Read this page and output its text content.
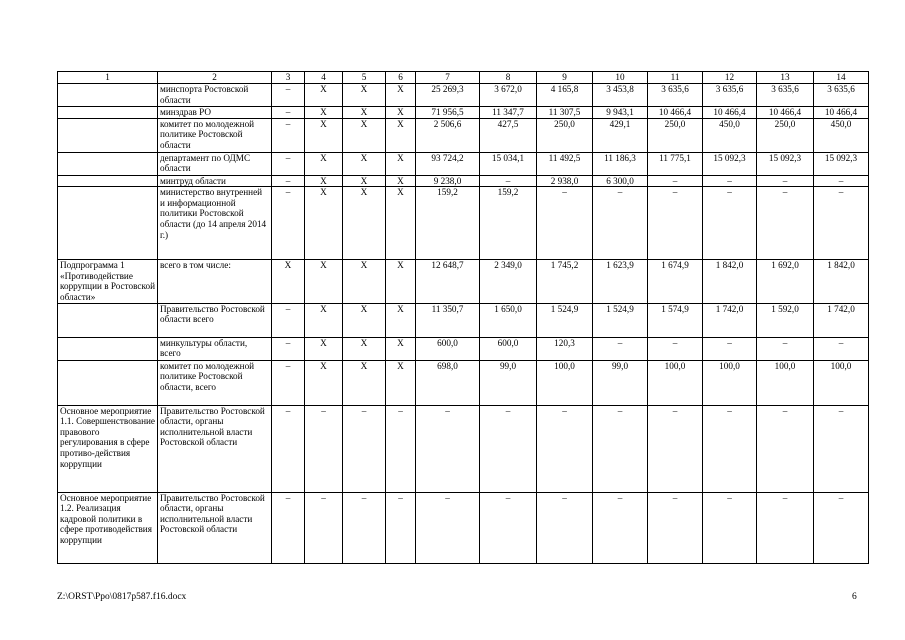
1	2	3	4	5	6	7	8	9	10	11	12	13	14
	минспорта Ростовской области	–	Х	Х	Х	25 269,3	3 672,0	4 165,8	3 453,8	3 635,6	3 635,6	3 635,6	3 635,6
	минздрав РО	–	Х	Х	Х	71 956,5	11 347,7	11 307,5	9 943,1	10 466,4	10 466,4	10 466,4	10 466,4
	комитет по молодежной политике Ростовской области	–	Х	Х	Х	2 506,6	427,5	250,0	429,1	250,0	450,0	250,0	450,0
	департамент по ОДМС области	–	Х	Х	Х	93 724,2	15 034,1	11 492,5	11 186,3	11 775,1	15 092,3	15 092,3	15 092,3
	минтруд области	–	Х	Х	Х	9 238,0	–	2 938,0	6 300,0	–	–	–	–
	министерство внутренней и информационной политики Ростовской области (до 14 апреля 2014 г.)	–	Х	Х	Х	159,2	159,2	–	–	–	–	–	–
Подпрограмма 1 «Противодействие коррупции в Ростовской области»	всего в том числе:	Х	Х	Х	Х	12 648,7	2 349,0	1 745,2	1 623,9	1 674,9	1 842,0	1 692,0	1 842,0
	Правительство Ростовской области всего	–	Х	Х	Х	11 350,7	1 650,0	1 524,9	1 524,9	1 574,9	1 742,0	1 592,0	1 742,0
	минкультуры области, всего	–	Х	Х	Х	600,0	600,0	120,3	–	–	–	–	–
	комитет по молодежной политике Ростовской области, всего	–	Х	Х	Х	698,0	99,0	100,0	99,0	100,0	100,0	100,0	100,0
Основное мероприятие 1.1. Совершенствование правового регулирования в сфере противо-действия коррупции	Правительство Ростовской области, органы исполнительной власти Ростовской области	–	–	–	–	–	–	–	–	–	–	–	–
Основное мероприятие 1.2. Реализация кадровой политики в сфере противодействия коррупции	Правительство Ростовской области, органы исполнительной власти Ростовской области	–	–	–	–	–	–	–	–	–	–	–	–
Z:\ORST\Ppo\0817p587.f16.docx	6
